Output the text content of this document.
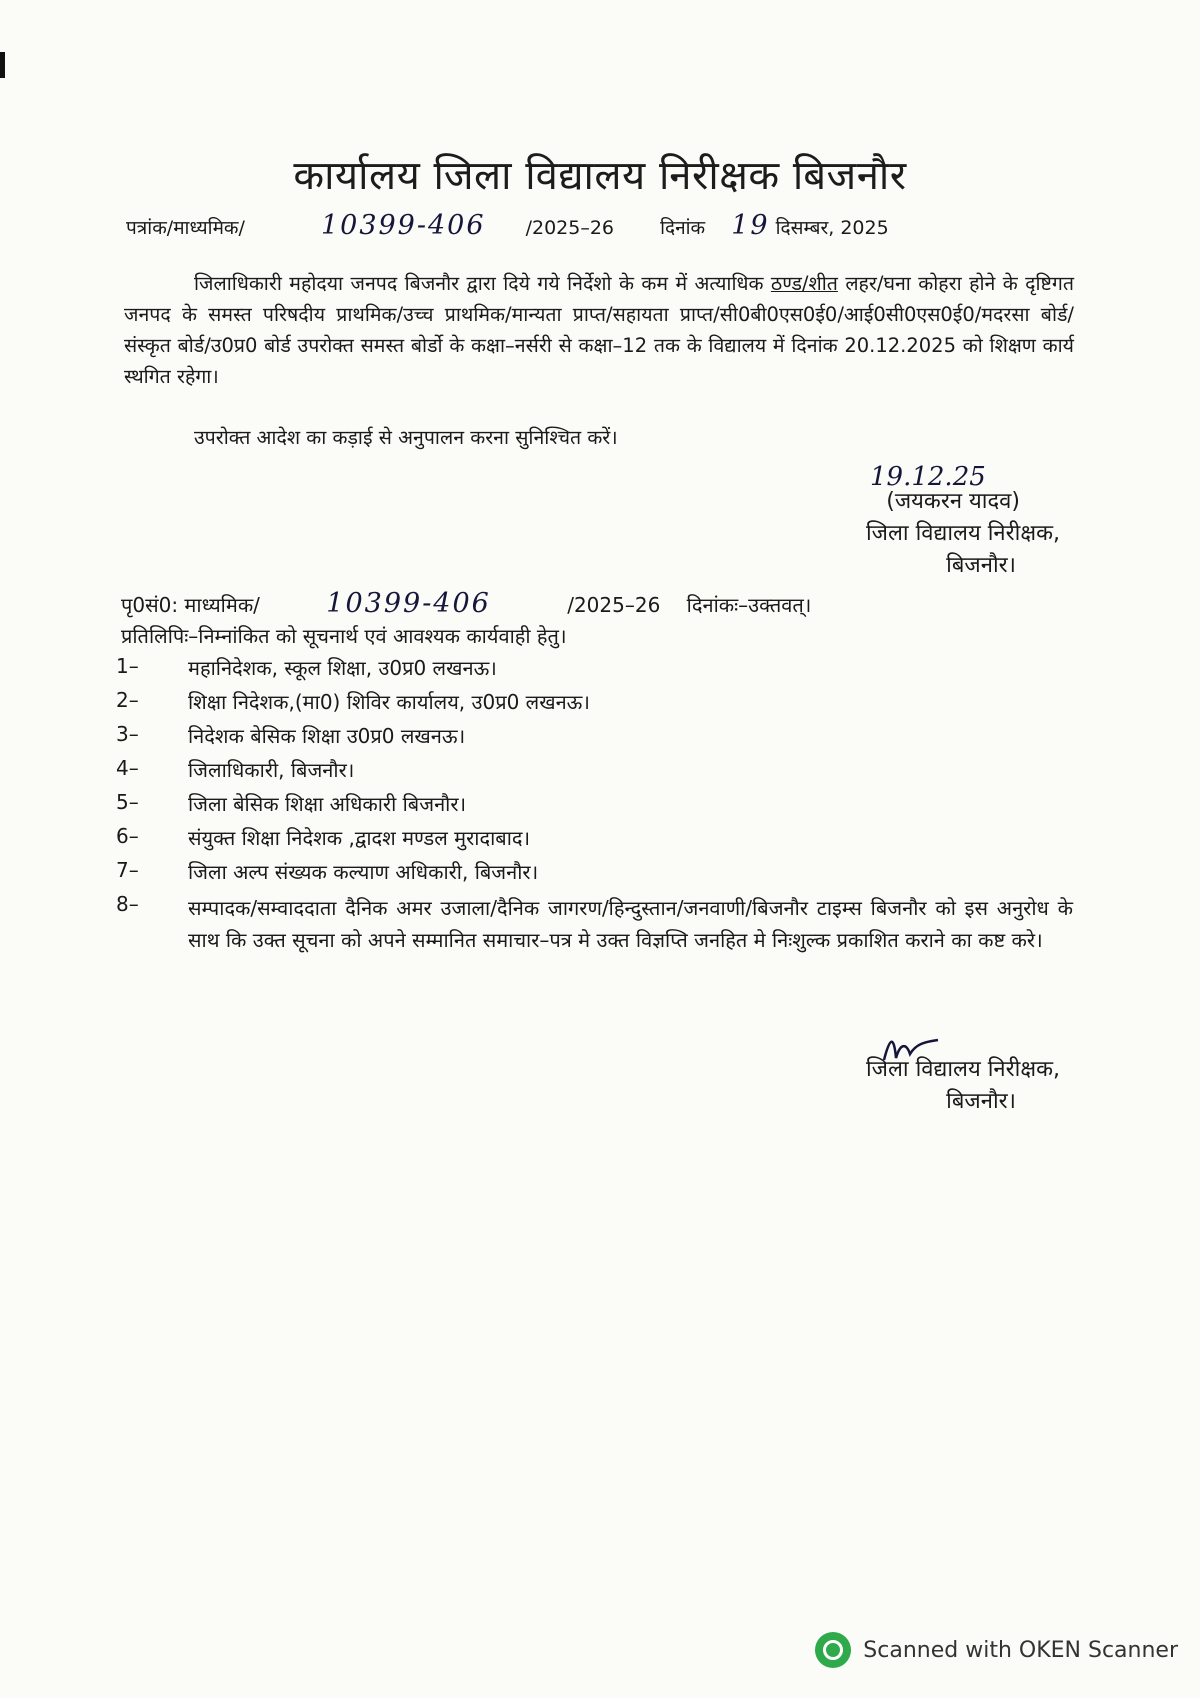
कार्यालय जिला विद्यालय निरीक्षक बिजनौर
पत्रांक/माध्यमिक/	10399-406 /2025–26 दिनांक 19 दिसम्बर, 2025
जिलाधिकारी महोदया जनपद बिजनौर द्वारा दिये गये निर्देशो के कम में अत्याधिक ठण्ड/शीत लहर/घना कोहरा होने के दृष्टिगत जनपद के समस्त परिषदीय प्राथमिक/उच्च प्राथमिक/मान्यता प्राप्त/सहायता प्राप्त/सी0बी0एस0ई0/आई0सी0एस0ई0/मदरसा बोर्ड/संस्कृत बोर्ड/उ0प्र0 बोर्ड उपरोक्त समस्त बोर्डो के कक्षा–नर्सरी से कक्षा–12 तक के विद्यालय में दिनांक 20.12.2025 को शिक्षण कार्य स्थगित रहेगा।
उपरोक्त आदेश का कड़ाई से अनुपालन करना सुनिश्चित करें।
19.12.25
(जयकरन यादव)
जिला विद्यालय निरीक्षक,
बिजनौर।
पृ0सं0: माध्यमिक/ 10399-406	/2025–26 दिनांकः–उक्तवत्।
प्रतिलिपिः–निम्नांकित को सूचनार्थ एवं आवश्यक कार्यवाही हेतु।
1–	महानिदेशक, स्कूल शिक्षा, उ0प्र0 लखनऊ।
2–	शिक्षा निदेशक,(मा0) शिविर कार्यालय, उ0प्र0 लखनऊ।
3–	निदेशक बेसिक शिक्षा उ0प्र0 लखनऊ।
4–	जिलाधिकारी, बिजनौर।
5–	जिला बेसिक शिक्षा अधिकारी बिजनौर।
6–	संयुक्त शिक्षा निदेशक ,द्वादश मण्डल मुरादाबाद।
7–	जिला अल्प संख्यक कल्याण अधिकारी, बिजनौर।
8–	सम्पादक/सम्वाददाता दैनिक अमर उजाला/दैनिक जागरण/हिन्दुस्तान/जनवाणी/बिजनौर टाइम्स बिजनौर को इस अनुरोध के साथ कि उक्त सूचना को अपने सम्मानित समाचार–पत्र मे उक्त विज्ञप्ति जनहित मे निःशुल्क प्रकाशित कराने का कष्ट करे।
जिला विद्यालय निरीक्षक,
बिजनौर।
Scanned with OKEN Scanner
